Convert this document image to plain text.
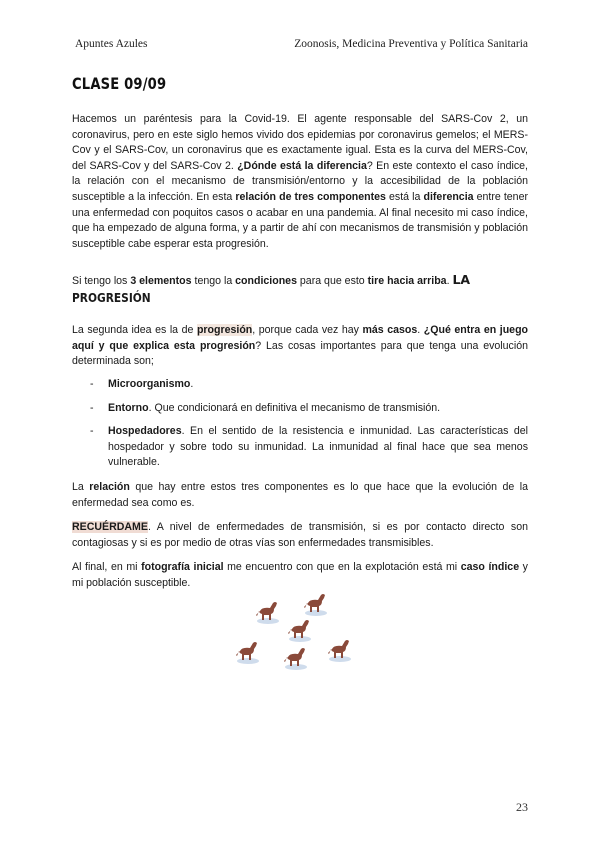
Apuntes Azules	Zoonosis, Medicina Preventiva y Política Sanitaria
CLASE 09/09

Hacemos un paréntesis para la Covid-19. El agente responsable del SARS-Cov 2, un coronavirus, pero en este siglo hemos vivido dos epidemias por coronavirus gemelos; el MERS-Cov y el SARS-Cov, un coronavirus que es exactamente igual. Esta es la curva del MERS-Cov, del SARS-Cov y del SARS-Cov 2. ¿Dónde está la diferencia? En este contexto el caso índice, la relación con el mecanismo de transmisión/entorno y la accesibilidad de la población susceptible a la infección. En esta relación de tres componentes está la diferencia entre tener una enfermedad con poquitos casos o acabar en una pandemia. Al final necesito mi caso índice, que ha empezado de alguna forma, y a partir de ahí con mecanismos de transmisión y población susceptible cabe esperar esta progresión.

Si tengo los 3 elementos tengo la condiciones para que esto tire hacia arriba. LA

PROGRESIÓN

La segunda idea es la de progresión, porque cada vez hay más casos. ¿Qué entra en juego aquí y que explica esta progresión? Las cosas importantes para que tenga una evolución determinada son;

- Microorganismo.
- Entorno. Que condicionará en definitiva el mecanismo de transmisión.
- Hospedadores. En el sentido de la resistencia e inmunidad. Las características del hospedador y sobre todo su inmunidad. La inmunidad al final hace que sea menos vulnerable.

La relación que hay entre estos tres componentes es lo que hace que la evolución de la enfermedad sea como es.

RECUÉRDAME. A nivel de enfermedades de transmisión, si es por contacto directo son contagiosas y si es por medio de otras vías son enfermedades transmisibles.

Al final, en mi fotografía inicial me encuentro con que en la explotación está mi caso índice y mi población susceptible.

23
